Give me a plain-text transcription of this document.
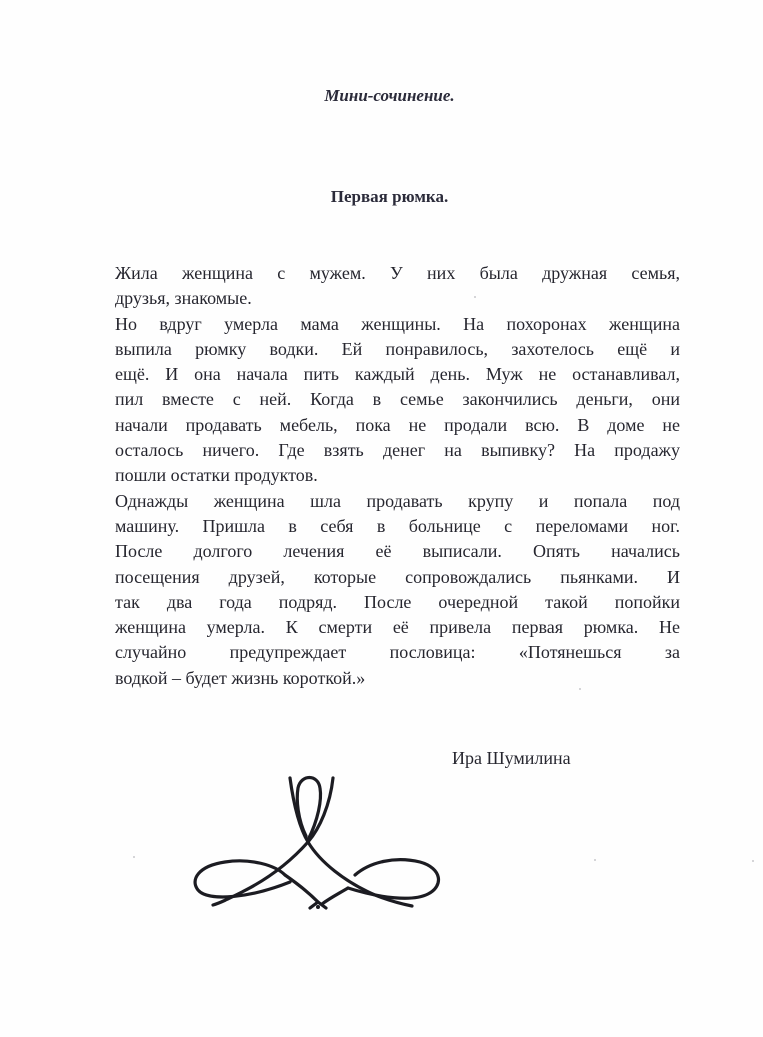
Мини-сочинение.
Первая рюмка.

Жила женщина с мужем. У них была дружная семья,
друзья, знакомые.

Но вдруг умерла мама женщины. На похоронах женщина
выпила рюмку водки. Ей понравилось, захотелось ещё и
ещё. И она начала пить каждый день. Муж не останавливал,
пил вместе с ней. Когда в семье закончились деньги, они
начали продавать мебель, пока не продали всю. В доме не
осталось ничего. Где взять денег на выпивку? На продажу
пошли остатки продуктов.

Однажды женщина шла продавать крупу и попала под
машину. Пришла в себя в больнице с переломами ног.
После долгого лечения её выписали. Опять начались
посещения друзей, которые сопровождались пьянками. И
так два года подряд. После очередной такой попойки
женщина умерла. К смерти её привела первая рюмка. Не
случайно предупреждает пословица: «Потянешься за
водкой – будет жизнь короткой.»

Ира Шумилина
